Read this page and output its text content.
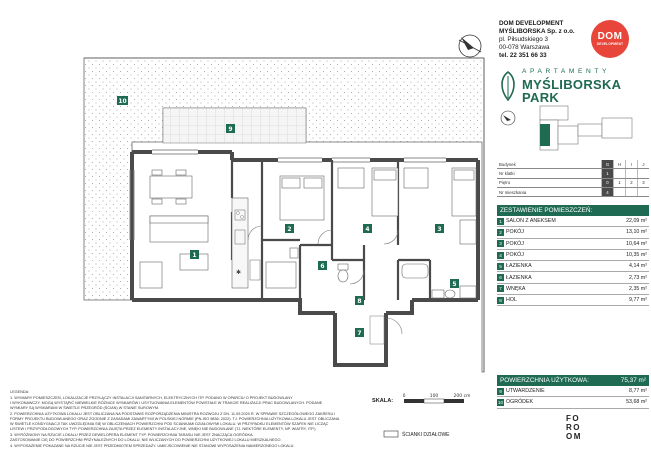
✱
1
2	3
4
5
6
7
8
9
10
0	100	200 cm
DOM DEVELOPMENT
MYŚLIBORSKA Sp. z o.o.
pl. Piłsudskiego 3
00-078 Warszawa
tel. 22 351 66 33
DOM
DEVELOPMENT
APARTAMENTY
MYŚLIBORSKA
PARK
Budynek	G	H	I	J
Nr klatki	1			
Piętro	0	1	2	3
Nr mieszkania	4			
ZESTAWIENIE POMIESZCZEŃ:
1	SALON Z ANEKSEM	22,09 m²
2	POKÓJ	13,10 m²
3	POKÓJ	10,64 m²
4	POKÓJ	10,35 m²
5	ŁAZIENKA	4,14 m²
6	ŁAZIENKA	2,73 m²
7	WNĘKA	2,35 m²
8	HOL	9,77 m²
POWIERZCHNIA UŻYTKOWA:	75,37 m²
9	UTWARDZENIE	8,77 m²
10	OGRÓDEK	53,68 m²
SKALA:
ŚCIANKI DZIAŁOWE
FO
RO
OM
LEGENDA:
1. WYMIARY POMIESZCZEŃ, LOKALIZACJE PRZYŁĄCZY INSTALACJI SANITARNYCH, ELEKTRYCZNYCH ITP. PODANO W OPARCIU O PROJEKT BUDOWLANY
I WYKONAWCZY. MOGĄ WYSTĄPIĆ NIEWIELKIE RÓŻNICE WYMIARÓW I USYTUOWANIA ELEMENTÓW POWSTAŁE W TRAKCIE REALIZACJI PRAC BUDOWLANYCH. PODANE
WYMIARY SĄ WYMIARAMI W ŚWIETLE PRZEGRÓD (ŚCIAN) W STANIE SUROWYM.
2. POWIERZCHNIA UŻYTKOWA LOKALU JEST OBLICZANA NA PODSTAWIE ROZPORZĄDZENIA MINISTRA ROZWOJU Z DN. 11.09.2020 R. W SPRAWIE SZCZEGÓŁOWEGO ZAKRESU I
FORMY PROJEKTU BUDOWLANEGO ORAZ ZGODNIE Z ZASADAMI ZAWARTYMI W POLSKIEJ NORMIE (PN-ISO 9836: 2022). TJ. POWIERZCHNIA UŻYTKOWA LOKALU JEST OBLICZANA
W ŚWIETLE KONDYGNACJI TAK UWZGLĘDNIA SIĘ W OBLICZENIACH POWIERZCHNI POD ŚCIANKAMI DZIAŁOWYMI LOKALU. W PRZYPADKU ELEMENTÓW SZAFEK NIE LICZĄC
LISTEW I PRZYPODŁOGOWYCH TYP. POWIERZCHNIA ZAJĘTA PRZEZ ELEMENTY INSTALACYJNE, WNĘKI NIE BUDOWLANE (TJ. NIEKTÓRE ELEMENTY, NP. WIATRY, ITP.)
3. WYRÓŻNIONY NA RZUCIE LOKALU PRZEZ DEWELOPERA ELEMENT TYP. POWIERZCHNIA TARASU NIE JEST ZNACZĄCA OGRÓDKA.
ZASTOSOWANIE CIĘ DO POWIERZCHNI PRZYNALEŻNYCH DO LOKALU, NIE WLICZANYCH DO POWIERZCHNI UŻYTKOWEJ LOKALU MIESZKALNEGO.
4. WYPOSAŻENIE POKAZANE NA RZUCIE NIE JEST PRZEDMIOTEM SPRZEDAŻY. UMIEJSCOWIENIE NIE STANOWI WYPOSAŻENIA NAMIERZONEGO LOKALU.
